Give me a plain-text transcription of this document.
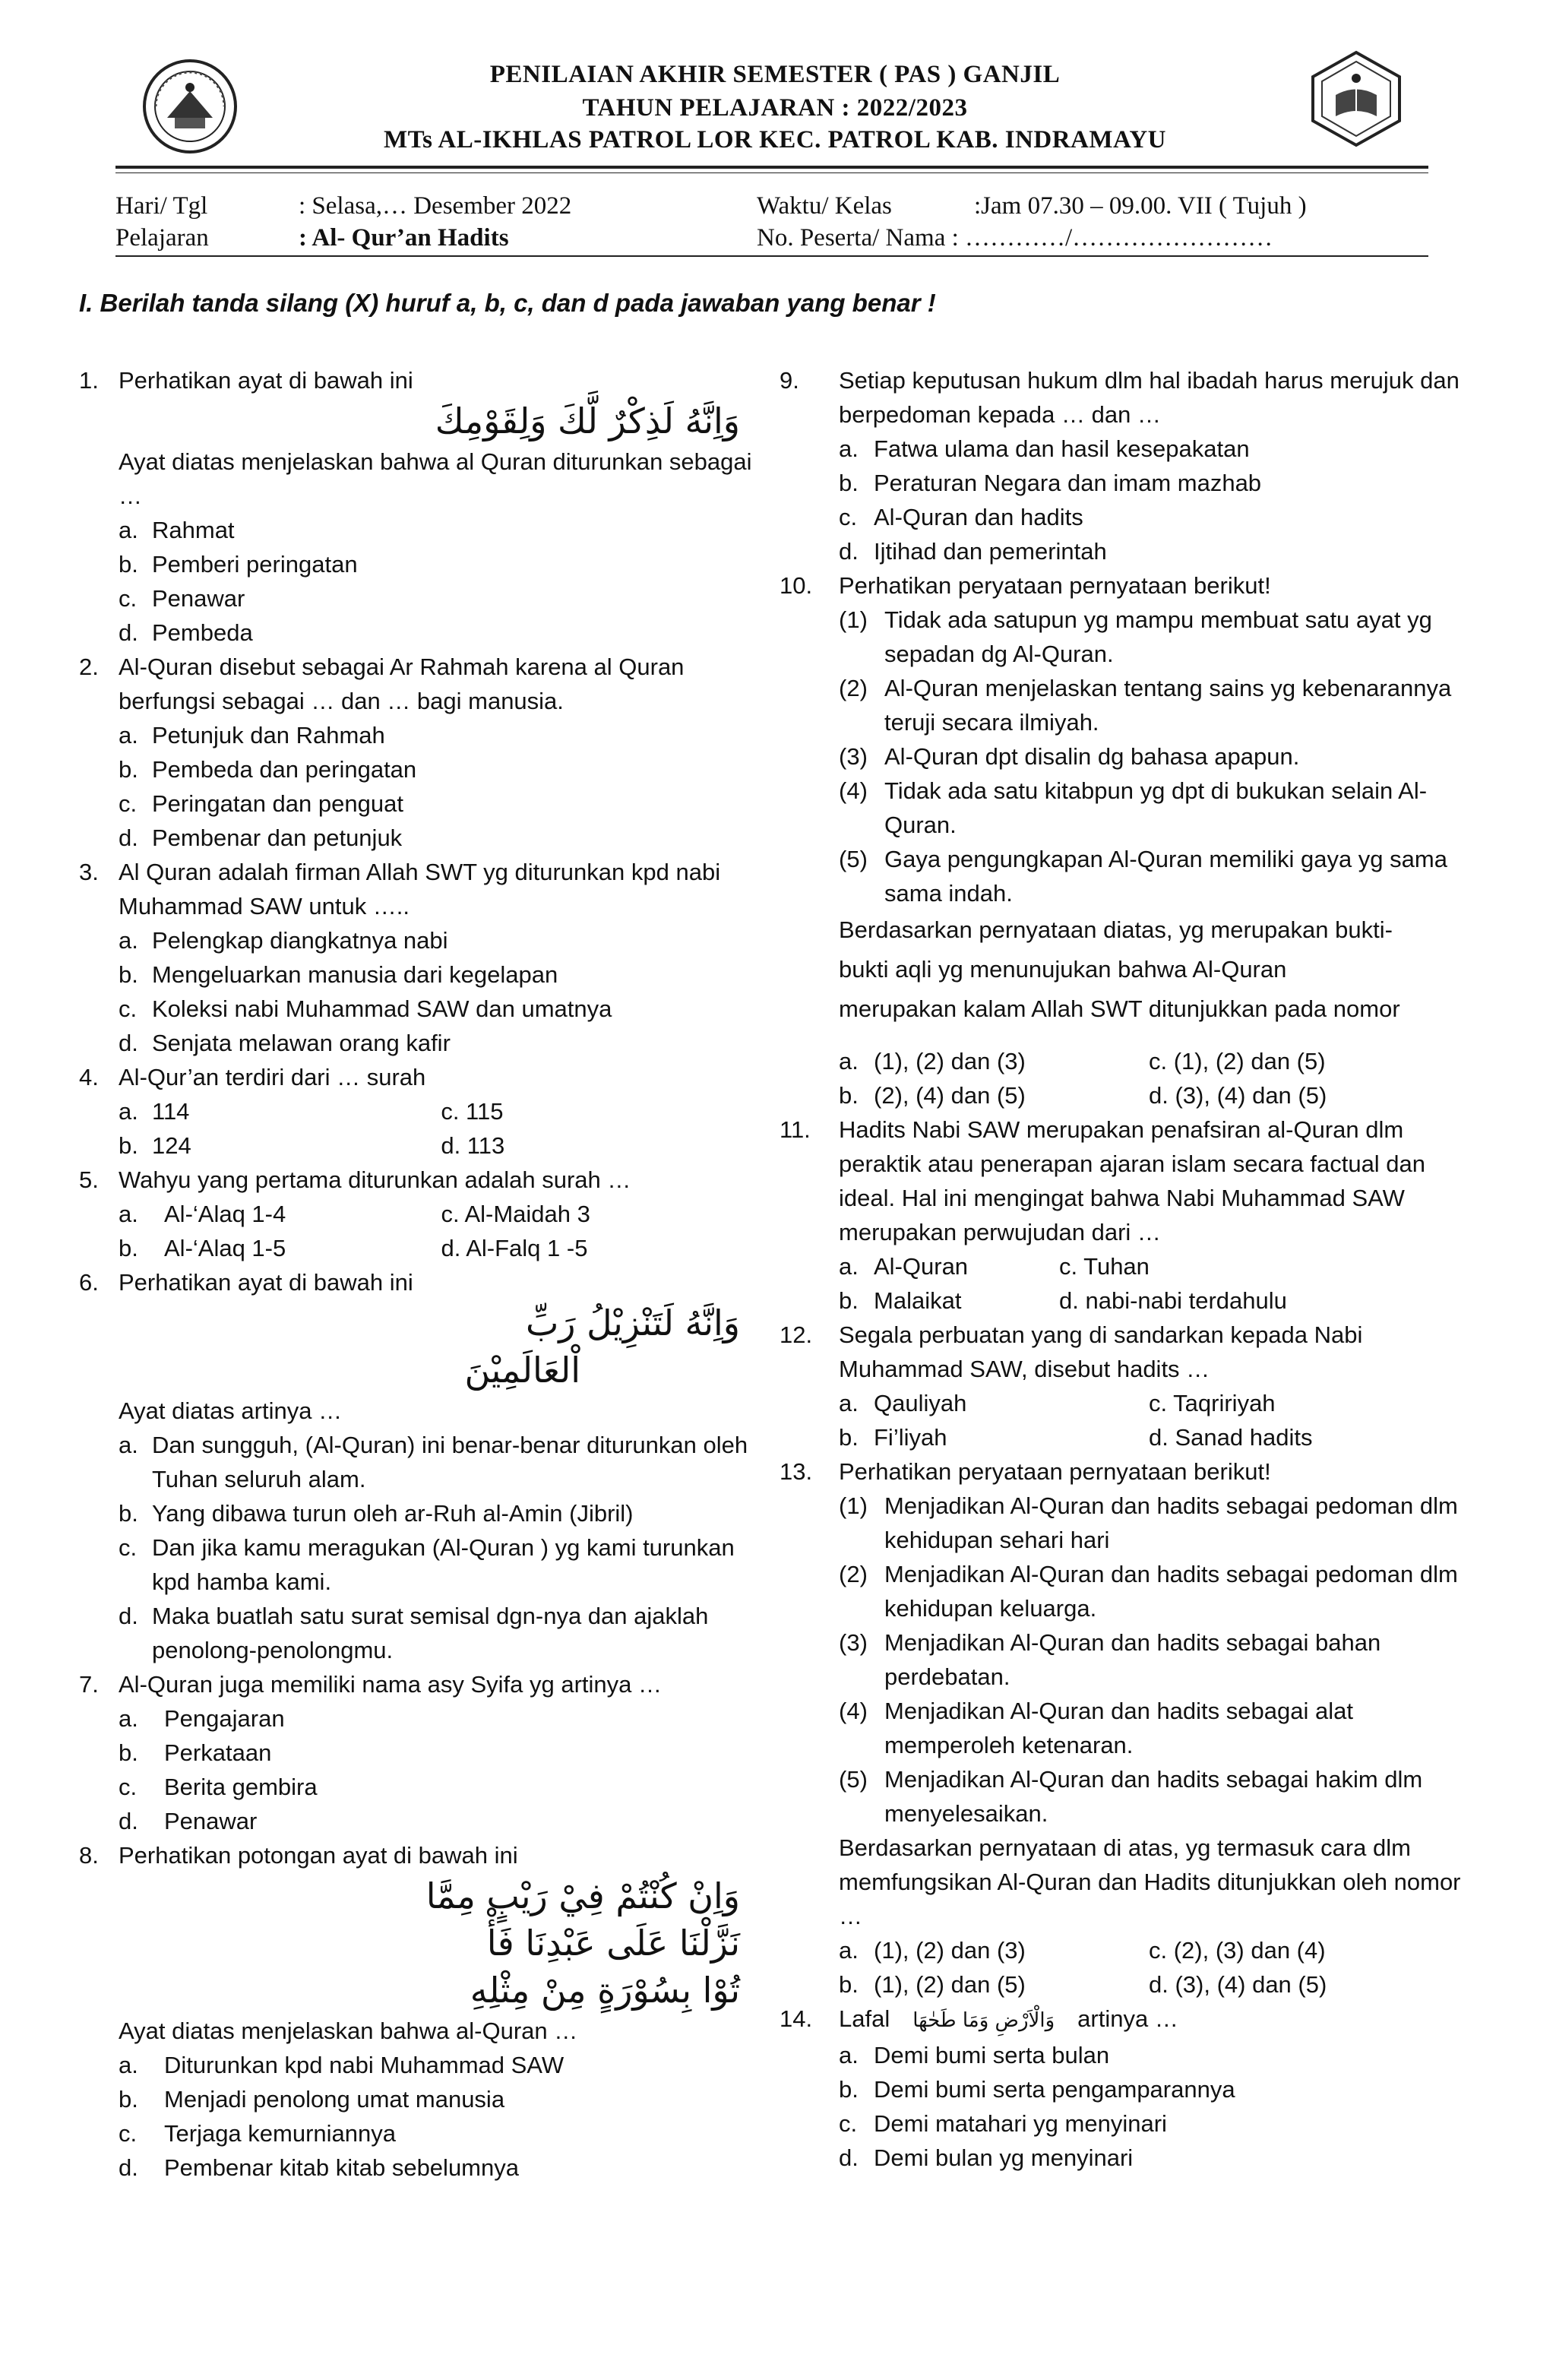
PENILAIAN AKHIR SEMESTER ( PAS ) GANJIL
TAHUN PELAJARAN : 2022/2023
MTs AL-IKHLAS PATROL LOR KEC. PATROL KAB. INDRAMAYU
Hari/ Tgl	: Selasa,… Desember 2022
Pelajaran	: Al- Qur’an Hadits
Waktu/ Kelas	:Jam 07.30 – 09.00. VII ( Tujuh )
No. Peserta/ Nama : …………/……………………
I. Berilah tanda silang (X) huruf a, b, c, dan d pada jawaban yang benar !
1. Perhatikan ayat di bawah ini
وَاِنَّهُ لَذِكْرٌ لَّكَ وَلِقَوْمِكَ
Ayat diatas menjelaskan bahwa al Quran diturunkan sebagai …
a. Rahmat
b. Pemberi peringatan
c. Penawar
d. Pembeda
2. Al-Quran disebut sebagai Ar Rahmah karena al Quran berfungsi sebagai … dan … bagi manusia.
a. Petunjuk dan Rahmah
b. Pembeda dan peringatan
c. Peringatan dan penguat
d. Pembenar dan petunjuk
3. Al Quran adalah firman Allah SWT yg diturunkan kpd nabi Muhammad SAW untuk …..
a. Pelengkap diangkatnya nabi
b. Mengeluarkan manusia dari kegelapan
c. Koleksi nabi Muhammad SAW dan umatnya
d. Senjata melawan orang kafir
4. Al-Qur’an terdiri dari … surah
a. 114	c. 115
b. 124	d. 113
5. Wahyu yang pertama diturunkan adalah surah …
a. Al-‘Alaq 1-4	c. Al-Maidah 3
b. Al-‘Alaq 1-5	d. Al-Falq 1 -5
6. Perhatikan ayat di bawah ini
وَاِنَّهُ لَتَنْزِيْلُ رَبِّ
اْلعَالَمِيْنَ
Ayat diatas artinya …
a. Dan sungguh, (Al-Quran) ini benar-benar diturunkan oleh Tuhan seluruh alam.
b. Yang dibawa turun oleh ar-Ruh al-Amin (Jibril)
c. Dan jika kamu meragukan (Al-Quran ) yg kami turunkan kpd hamba kami.
d. Maka buatlah satu surat semisal dgn-nya dan ajaklah penolong-penolongmu.
7. Al-Quran juga memiliki nama asy Syifa yg artinya …
a. Pengajaran
b. Perkataan
c. Berita gembira
d. Penawar
8. Perhatikan potongan ayat di bawah ini
وَاِنْ كُنْتُمْ فِيْ رَيْبٍ مِمَّا
نَزَّلْنَا عَلَى عَبْدِنَا فَأْ
تُوْا بِسُوْرَةٍ مِنْ مِثْلِهِ
Ayat diatas menjelaskan bahwa al-Quran …
a. Diturunkan kpd nabi Muhammad SAW
b. Menjadi penolong umat manusia
c. Terjaga kemurniannya
d. Pembenar kitab kitab sebelumnya
9. Setiap keputusan hukum dlm hal ibadah harus merujuk dan berpedoman kepada … dan …
a. Fatwa ulama dan hasil kesepakatan
b. Peraturan Negara dan imam mazhab
c. Al-Quran dan hadits
d. Ijtihad dan pemerintah
10. Perhatikan peryataan pernyataan berikut!
(1) Tidak ada satupun yg mampu membuat satu ayat yg sepadan dg Al-Quran.
(2) Al-Quran menjelaskan tentang sains yg kebenarannya teruji secara ilmiyah.
(3) Al-Quran dpt disalin dg bahasa apapun.
(4) Tidak ada satu kitabpun yg dpt di bukukan selain Al-Quran.
(5) Gaya pengungkapan Al-Quran memiliki gaya yg sama sama indah.
Berdasarkan pernyataan diatas, yg merupakan bukti-
bukti aqli yg menunujukan bahwa Al-Quran
merupakan kalam Allah SWT ditunjukkan pada nomor
a. (1), (2) dan (3)	c. (1), (2) dan (5)
b. (2), (4) dan (5)	d. (3), (4) dan (5)
11. Hadits Nabi SAW merupakan penafsiran al-Quran dlm peraktik atau penerapan ajaran islam secara factual dan ideal. Hal ini mengingat bahwa Nabi Muhammad SAW merupakan perwujudan dari …
a. Al-Quran	c. Tuhan
b. Malaikat	d. nabi-nabi terdahulu
12. Segala perbuatan yang di sandarkan kepada Nabi Muhammad SAW, disebut hadits …
a. Qauliyah	c. Taqririyah
b. Fi’liyah	d. Sanad hadits
13. Perhatikan peryataan pernyataan berikut!
(1) Menjadikan Al-Quran dan hadits sebagai pedoman dlm kehidupan sehari hari
(2) Menjadikan Al-Quran dan hadits sebagai pedoman dlm kehidupan keluarga.
(3) Menjadikan Al-Quran dan hadits sebagai bahan perdebatan.
(4) Menjadikan Al-Quran dan hadits sebagai alat memperoleh ketenaran.
(5) Menjadikan Al-Quran dan hadits sebagai hakim dlm menyelesaikan.
Berdasarkan pernyataan di atas, yg termasuk cara dlm memfungsikan Al-Quran dan Hadits ditunjukkan oleh nomor …
a. (1), (2) dan (3)	c. (2), (3) dan (4)
b. (1), (2) dan (5)	d. (3), (4) dan (5)
14. Lafal وَالْاَرْضِ وَمَا طَحٰهَا artinya …
a. Demi bumi serta bulan
b. Demi bumi serta pengamparannya
c. Demi matahari yg menyinari
d. Demi bulan yg menyinari
